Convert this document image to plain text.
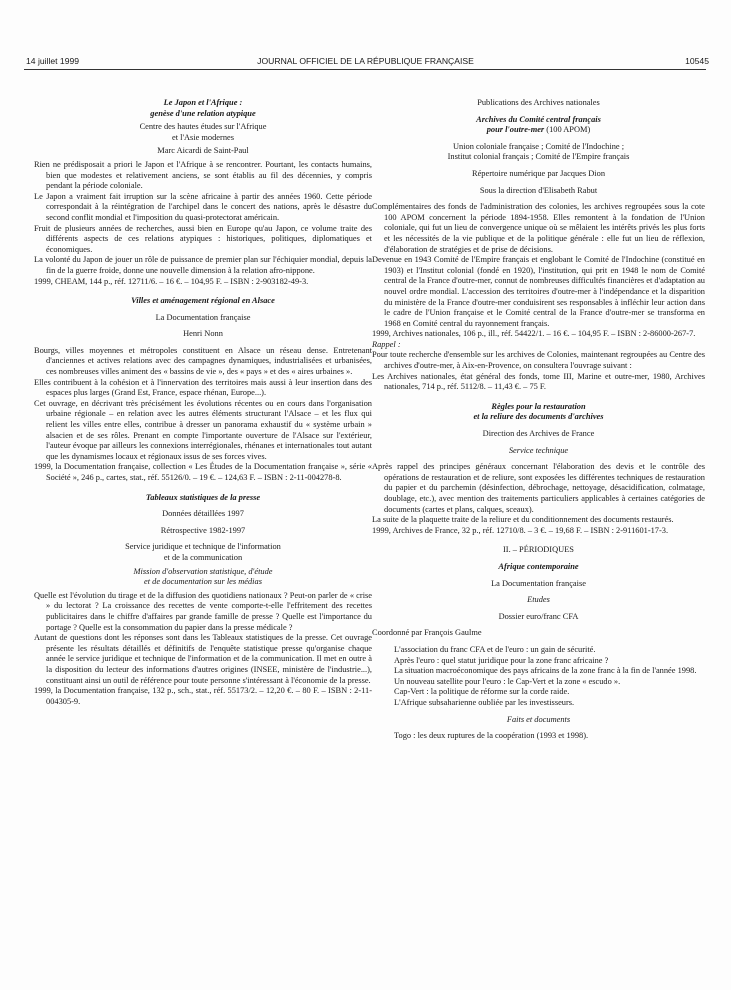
14 juillet 1999	JOURNAL OFFICIEL DE LA RÉPUBLIQUE FRANÇAISE	10545
Le Japon et l'Afrique :
genèse d'une relation atypique
Centre des hautes études sur l'Afrique
et l'Asie modernes
Marc Aicardi de Saint-Paul
Rien ne prédisposait a priori le Japon et l'Afrique à se rencontrer. Pourtant, les contacts humains, bien que modestes et relativement anciens, se sont établis au fil des décennies, y compris pendant la période coloniale.
Le Japon a vraiment fait irruption sur la scène africaine à partir des années 1960. Cette période correspondait à la réintégration de l'archipel dans le concert des nations, après le désastre du second conflit mondial et l'imposition du quasi-protectorat américain.
Fruit de plusieurs années de recherches, aussi bien en Europe qu'au Japon, ce volume traite des différents aspects de ces relations atypiques : historiques, politiques, diplomatiques et économiques.
La volonté du Japon de jouer un rôle de puissance de premier plan sur l'échiquier mondial, depuis la fin de la guerre froide, donne une nouvelle dimension à la relation afro-nippone.
1999, CHEAM, 144 p., réf. 12711/6. – 16 €. – 104,95 F. – ISBN : 2-903182-49-3.
Villes et aménagement régional en Alsace
La Documentation française
Henri Nonn
Bourgs, villes moyennes et métropoles constituent en Alsace un réseau dense. Entretenant d'anciennes et actives relations avec des campagnes dynamiques, industrialisées et urbanisées, ces nombreuses villes animent des « bassins de vie », des « pays » et des « aires urbaines ».
Elles contribuent à la cohésion et à l'innervation des territoires mais aussi à leur insertion dans des espaces plus larges (Grand Est, France, espace rhénan, Europe...).
Cet ouvrage, en décrivant très précisément les évolutions récentes ou en cours dans l'organisation urbaine régionale – en relation avec les autres éléments structurant l'Alsace – et les flux qui relient les villes entre elles, contribue à dresser un panorama exhaustif du « système urbain » alsacien et de ses rôles. Prenant en compte l'importante ouverture de l'Alsace sur l'extérieur, l'auteur évoque par ailleurs les connexions interrégionales, rhénanes et internationales tout autant que les dynamismes locaux et régionaux issus de ses forces vives.
1999, la Documentation française, collection « Les Études de la Documentation française », série « Société », 246 p., cartes, stat., réf. 55126/0. – 19 €. – 124,63 F. – ISBN : 2-11-004278-8.
Tableaux statistiques de la presse
Données détaillées 1997
Rétrospective 1982-1997
Service juridique et technique de l'information
et de la communication
Mission d'observation statistique, d'étude
et de documentation sur les médias
Quelle est l'évolution du tirage et de la diffusion des quotidiens nationaux ? Peut-on parler de « crise » du lectorat ? La croissance des recettes de vente comporte-t-elle l'effritement des recettes publicitaires dans le chiffre d'affaires par grande famille de presse ? Quelle est l'importance du portage ? Quelle est la consommation du papier dans la presse médicale ?
Autant de questions dont les réponses sont dans les Tableaux statistiques de la presse. Cet ouvrage présente les résultats détaillés et définitifs de l'enquête statistique presse qu'organise chaque année le service juridique et technique de l'information et de la communication. Il met en outre à la disposition du lecteur des informations d'autres origines (INSEE, ministère de l'industrie...), constituant ainsi un outil de référence pour toute personne s'intéressant à l'économie de la presse.
1999, la Documentation française, 132 p., sch., stat., réf. 55173/2. – 12,20 €. – 80 F. – ISBN : 2-11-004305-9.
Publications des Archives nationales
Archives du Comité central français
pour l'outre-mer (100 APOM)
Union coloniale française ; Comité de l'Indochine ;
Institut colonial français ; Comité de l'Empire français
Répertoire numérique par Jacques Dion
Sous la direction d'Elisabeth Rabut
Complémentaires des fonds de l'administration des colonies, les archives regroupées sous la cote 100 APOM concernent la période 1894-1958. Elles remontent à la fondation de l'Union coloniale, qui fut un lieu de convergence unique où se mêlaient les intérêts privés les plus forts et les nécessités de la vie publique et de la politique générale : elle fut un lieu de réflexion, d'élaboration de stratégies et de prise de décisions.
Devenue en 1943 Comité de l'Empire français et englobant le Comité de l'Indochine (constitué en 1903) et l'Institut colonial (fondé en 1920), l'institution, qui prit en 1948 le nom de Comité central de la France d'outre-mer, connut de nombreuses difficultés financières et d'adaptation au nouvel ordre mondial. L'accession des territoires d'outre-mer à l'indépendance et la disparition du ministère de la France d'outre-mer conduisirent ses responsables à infléchir leur action dans le cadre de l'Union française et le Comité central de la France d'outre-mer se transforma en 1968 en Comité central du rayonnement français.
1999, Archives nationales, 106 p., ill., réf. 54422/1. – 16 €. – 104,95 F. – ISBN : 2-86000-267-7.
Rappel :
Pour toute recherche d'ensemble sur les archives de Colonies, maintenant regroupées au Centre des archives d'outre-mer, à Aix-en-Provence, on consultera l'ouvrage suivant :
Les Archives nationales, état général des fonds, tome III, Marine et outre-mer, 1980, Archives nationales, 714 p., réf. 5112/8. – 11,43 €. – 75 F.
Règles pour la restauration
et la reliure des documents d'archives
Direction des Archives de France
Service technique
Après rappel des principes généraux concernant l'élaboration des devis et le contrôle des opérations de restauration et de reliure, sont exposées les différentes techniques de restauration du papier et du parchemin (désinfection, débrochage, nettoyage, désacidification, colmatage, doublage, etc.), avec mention des traitements particuliers applicables à certaines catégories de documents (cartes et plans, calques, sceaux).
La suite de la plaquette traite de la reliure et du conditionnement des documents restaurés.
1999, Archives de France, 32 p., réf. 12710/8. – 3 €. – 19,68 F. – ISBN : 2-911601-17-3.
II. – PÉRIODIQUES
Afrique contemporaine
La Documentation française
Etudes
Dossier euro/franc CFA
Coordonné par François Gaulme
L'association du franc CFA et de l'euro : un gain de sécurité.
Après l'euro : quel statut juridique pour la zone franc africaine ?
La situation macroéconomique des pays africains de la zone franc à la fin de l'année 1998.
Un nouveau satellite pour l'euro : le Cap-Vert et la zone « escudo ».
Cap-Vert : la politique de réforme sur la corde raide.
L'Afrique subsaharienne oubliée par les investisseurs.
Faits et documents
Togo : les deux ruptures de la coopération (1993 et 1998).
